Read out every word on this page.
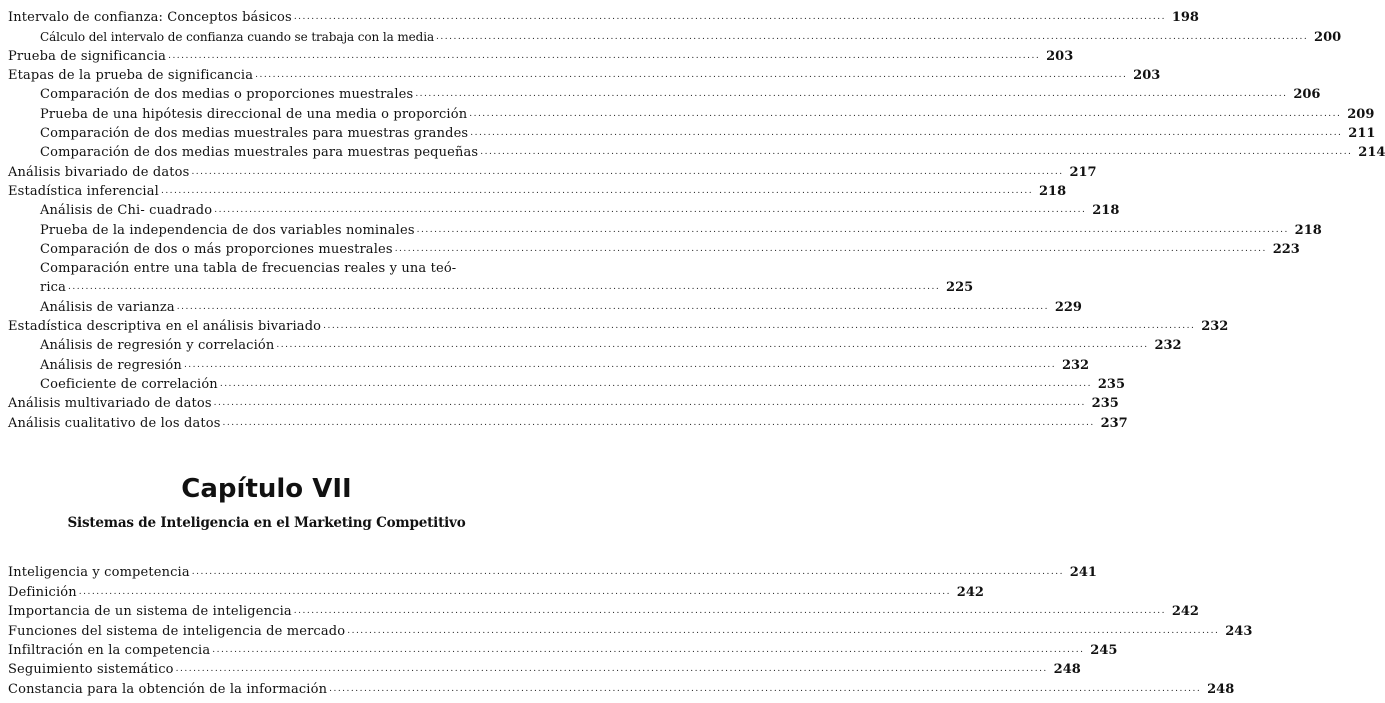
Intervalo de confianza: Conceptos básicos ........................................................................................................................................................................................................ 198
Cálculo del intervalo de confianza cuando se trabaja con la media ........................................................................................................................................................................................................ 200
Prueba de significancia ........................................................................................................................................................................................................ 203
Etapas de la prueba de significancia ........................................................................................................................................................................................................ 203
Comparación de dos medias o proporciones muestrales ........................................................................................................................................................................................................ 206
Prueba de una hipótesis direccional de una media o proporción ........................................................................................................................................................................................................ 209
Comparación de dos medias muestrales para muestras grandes ........................................................................................................................................................................................................ 211
Comparación de dos medias muestrales para muestras pequeñas ........................................................................................................................................................................................................ 214
Análisis bivariado de datos ........................................................................................................................................................................................................ 217
Estadística inferencial ........................................................................................................................................................................................................ 218
Análisis de Chi- cuadrado ........................................................................................................................................................................................................ 218
Prueba de la independencia de dos variables nominales ........................................................................................................................................................................................................ 218
Comparación de dos o más proporciones muestrales ........................................................................................................................................................................................................ 223
Comparación entre una tabla de frecuencias reales y una teó-
rica ........................................................................................................................................................................................................ 225
Análisis de varianza ........................................................................................................................................................................................................ 229
Estadística descriptiva en el análisis bivariado ........................................................................................................................................................................................................ 232
Análisis de regresión y correlación ........................................................................................................................................................................................................ 232
Análisis de regresión ........................................................................................................................................................................................................ 232
Coeficiente de correlación ........................................................................................................................................................................................................ 235
Análisis multivariado de datos ........................................................................................................................................................................................................ 235
Análisis cualitativo de los datos ........................................................................................................................................................................................................ 237
Capítulo VII
Sistemas de Inteligencia en el Marketing Competitivo
Inteligencia y competencia ........................................................................................................................................................................................................ 241
Definición ........................................................................................................................................................................................................ 242
Importancia de un sistema de inteligencia ........................................................................................................................................................................................................ 242
Funciones del sistema de inteligencia de mercado ........................................................................................................................................................................................................ 243
Infiltración en la competencia ........................................................................................................................................................................................................ 245
Seguimiento sistemático ........................................................................................................................................................................................................ 248
Constancia para la obtención de la información ........................................................................................................................................................................................................ 248
